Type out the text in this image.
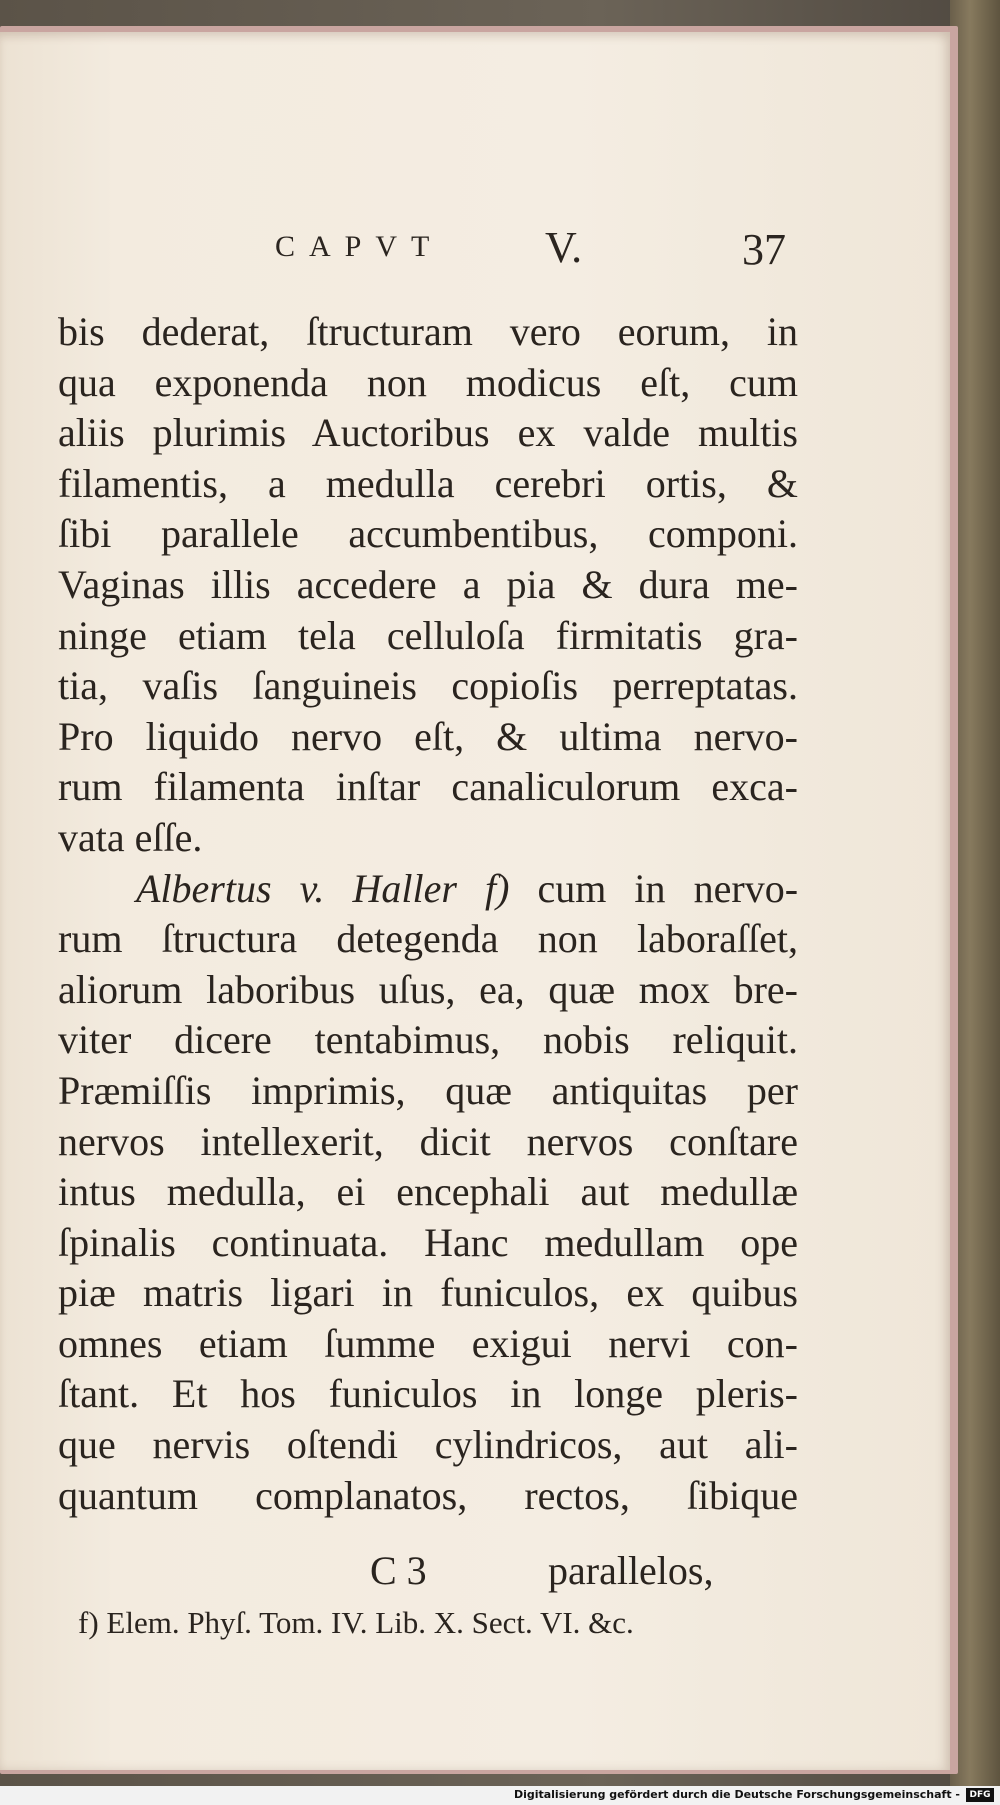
CAPVT V.	37
bis dederat, ſtructuram vero eorum, in
qua exponenda non modicus eſt, cum
aliis plurimis Auctoribus ex valde multis
filamentis, a medulla cerebri ortis, &
ſibi parallele accumbentibus, componi.
Vaginas illis accedere a pia & dura me-
ninge etiam tela celluloſa firmitatis gra-
tia, vaſis ſanguineis copioſis perreptatas.
Pro liquido nervo eſt, & ultima nervo-
rum filamenta inſtar canaliculorum exca-
vata eſſe.
Albertus v. Haller f) cum in nervo-
rum ſtructura detegenda non laboraſſet,
aliorum laboribus uſus, ea, quæ mox bre-
viter dicere tentabimus, nobis reliquit.
Præmiſſis imprimis, quæ antiquitas per
nervos intellexerit, dicit nervos conſtare
intus medulla, ei encephali aut medullæ
ſpinalis continuata. Hanc medullam ope
piæ matris ligari in funiculos, ex quibus
omnes etiam ſumme exigui nervi con-
ſtant. Et hos funiculos in longe pleris-
que nervis oſtendi cylindricos, aut ali-
quantum complanatos, rectos, ſibique
C 3	parallelos,
f) Elem. Phyſ. Tom. IV. Lib. X. Sect. VI. &c.
Digitalisierung gefördert durch die Deutsche Forschungsgemeinschaft -	DFG
